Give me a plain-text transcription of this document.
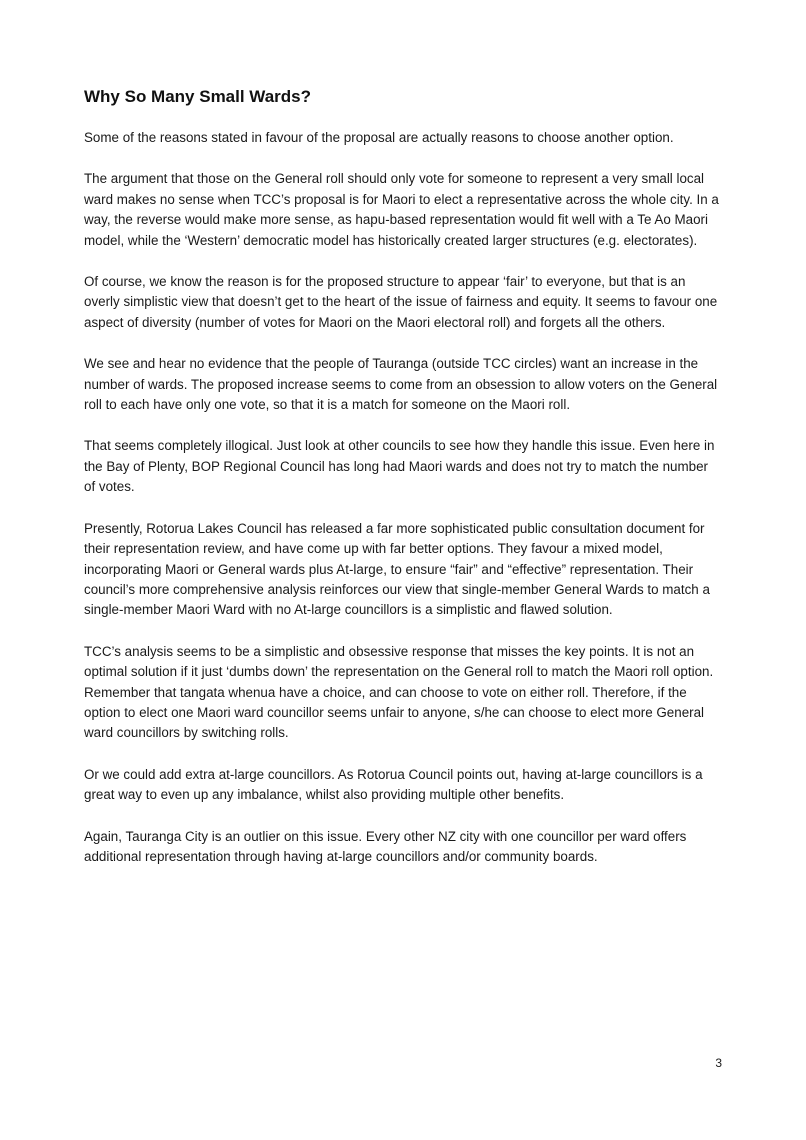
Why So Many Small Wards?

Some of the reasons stated in favour of the proposal are actually reasons to choose another option.

The argument that those on the General roll should only vote for someone to represent a very small local ward makes no sense when TCC’s proposal is for Maori to elect a representative across the whole city. In a way, the reverse would make more sense, as hapu-based representation would fit well with a Te Ao Maori model, while the ‘Western’ democratic model has historically created larger structures (e.g. electorates).

Of course, we know the reason is for the proposed structure to appear ‘fair’ to everyone, but that is an overly simplistic view that doesn’t get to the heart of the issue of fairness and equity. It seems to favour one aspect of diversity (number of votes for Maori on the Maori electoral roll) and forgets all the others.

We see and hear no evidence that the people of Tauranga (outside TCC circles) want an increase in the number of wards. The proposed increase seems to come from an obsession to allow voters on the General roll to each have only one vote, so that it is a match for someone on the Maori roll.

That seems completely illogical. Just look at other councils to see how they handle this issue. Even here in the Bay of Plenty, BOP Regional Council has long had Maori wards and does not try to match the number of votes.

Presently, Rotorua Lakes Council has released a far more sophisticated public consultation document for their representation review, and have come up with far better options. They favour a mixed model, incorporating Maori or General wards plus At-large, to ensure “fair” and “effective” representation. Their council’s more comprehensive analysis reinforces our view that single-member General Wards to match a single-member Maori Ward with no At-large councillors is a simplistic and flawed solution.

TCC’s analysis seems to be a simplistic and obsessive response that misses the key points. It is not an optimal solution if it just ‘dumbs down’ the representation on the General roll to match the Maori roll option. Remember that tangata whenua have a choice, and can choose to vote on either roll. Therefore, if the option to elect one Maori ward councillor seems unfair to anyone, s/he can choose to elect more General ward councillors by switching rolls.

Or we could add extra at-large councillors. As Rotorua Council points out, having at-large councillors is a great way to even up any imbalance, whilst also providing multiple other benefits.

Again, Tauranga City is an outlier on this issue. Every other NZ city with one councillor per ward offers additional representation through having at-large councillors and/or community boards.

3
